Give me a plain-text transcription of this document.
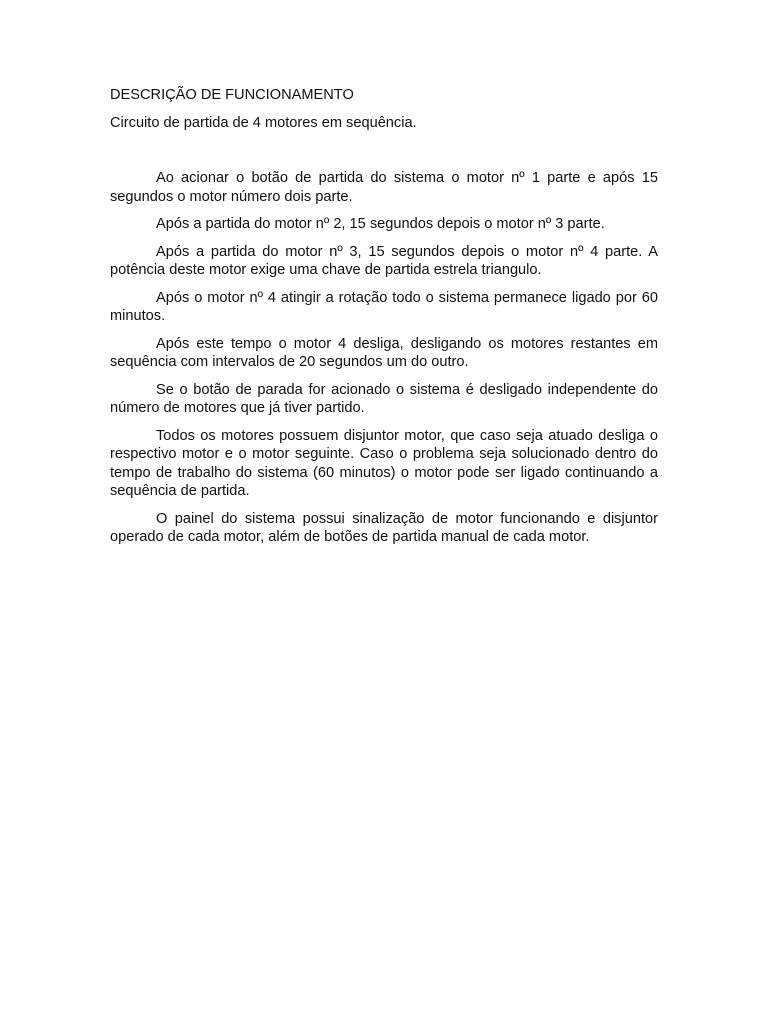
DESCRIÇÃO DE FUNCIONAMENTO

Circuito de partida de 4 motores em sequência.

Ao acionar o botão de partida do sistema o motor nº 1 parte e após 15 segundos o motor número dois parte.

Após a partida do motor nº 2, 15 segundos depois o motor nº 3 parte.

Após a partida do motor nº 3, 15 segundos depois o motor nº 4 parte. A potência deste motor exige uma chave de partida estrela triangulo.

Após o motor nº 4 atingir a rotação todo o sistema permanece ligado por 60 minutos.

Após este tempo o motor 4 desliga, desligando os motores restantes em sequência com intervalos de 20 segundos um do outro.

Se o botão de parada for acionado o sistema é desligado independente do número de motores que já tiver partido.

Todos os motores possuem disjuntor motor, que caso seja atuado desliga o respectivo motor e o motor seguinte. Caso o problema seja solucionado dentro do tempo de trabalho do sistema (60 minutos) o motor pode ser ligado continuando a sequência de partida.

O painel do sistema possui sinalização de motor funcionando e disjuntor operado de cada motor, além de botões de partida manual de cada motor.
